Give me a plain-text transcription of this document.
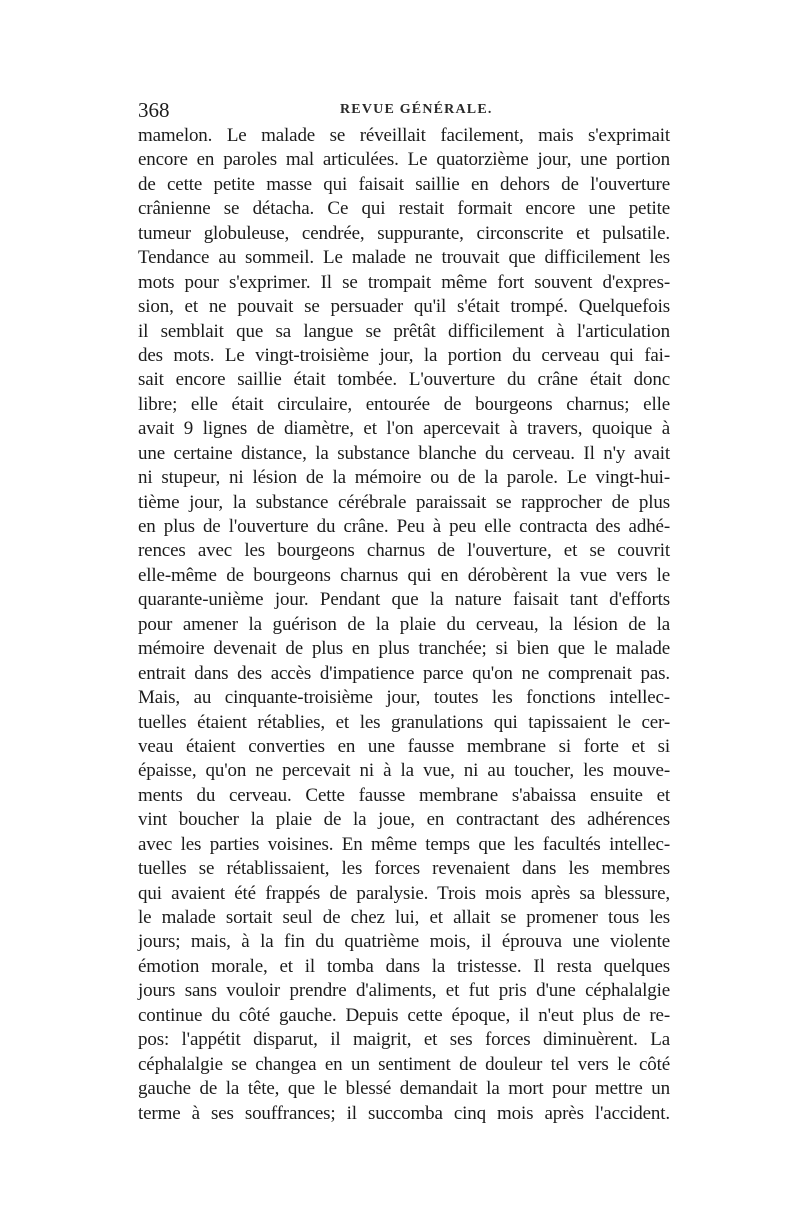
368	REVUE GÉNÉRALE.
mamelon. Le malade se réveillait facilement, mais s'exprimait
encore en paroles mal articulées. Le quatorzième jour, une portion
de cette petite masse qui faisait saillie en dehors de l'ouverture
crânienne se détacha. Ce qui restait formait encore une petite
tumeur globuleuse, cendrée, suppurante, circonscrite et pulsatile.
Tendance au sommeil. Le malade ne trouvait que difficilement les
mots pour s'exprimer. Il se trompait même fort souvent d'expres-
sion, et ne pouvait se persuader qu'il s'était trompé. Quelquefois
il semblait que sa langue se prêtât difficilement à l'articulation
des mots. Le vingt-troisième jour, la portion du cerveau qui fai-
sait encore saillie était tombée. L'ouverture du crâne était donc
libre; elle était circulaire, entourée de bourgeons charnus; elle
avait 9 lignes de diamètre, et l'on apercevait à travers, quoique à
une certaine distance, la substance blanche du cerveau. Il n'y avait
ni stupeur, ni lésion de la mémoire ou de la parole. Le vingt-hui-
tième jour, la substance cérébrale paraissait se rapprocher de plus
en plus de l'ouverture du crâne. Peu à peu elle contracta des adhé-
rences avec les bourgeons charnus de l'ouverture, et se couvrit
elle-même de bourgeons charnus qui en dérobèrent la vue vers le
quarante-unième jour. Pendant que la nature faisait tant d'efforts
pour amener la guérison de la plaie du cerveau, la lésion de la
mémoire devenait de plus en plus tranchée; si bien que le malade
entrait dans des accès d'impatience parce qu'on ne comprenait pas.
Mais, au cinquante-troisième jour, toutes les fonctions intellec-
tuelles étaient rétablies, et les granulations qui tapissaient le cer-
veau étaient converties en une fausse membrane si forte et si
épaisse, qu'on ne percevait ni à la vue, ni au toucher, les mouve-
ments du cerveau. Cette fausse membrane s'abaissa ensuite et
vint boucher la plaie de la joue, en contractant des adhérences
avec les parties voisines. En même temps que les facultés intellec-
tuelles se rétablissaient, les forces revenaient dans les membres
qui avaient été frappés de paralysie. Trois mois après sa blessure,
le malade sortait seul de chez lui, et allait se promener tous les
jours; mais, à la fin du quatrième mois, il éprouva une violente
émotion morale, et il tomba dans la tristesse. Il resta quelques
jours sans vouloir prendre d'aliments, et fut pris d'une céphalalgie
continue du côté gauche. Depuis cette époque, il n'eut plus de re-
pos: l'appétit disparut, il maigrit, et ses forces diminuèrent. La
céphalalgie se changea en un sentiment de douleur tel vers le côté
gauche de la tête, que le blessé demandait la mort pour mettre un
terme à ses souffrances; il succomba cinq mois après l'accident.
